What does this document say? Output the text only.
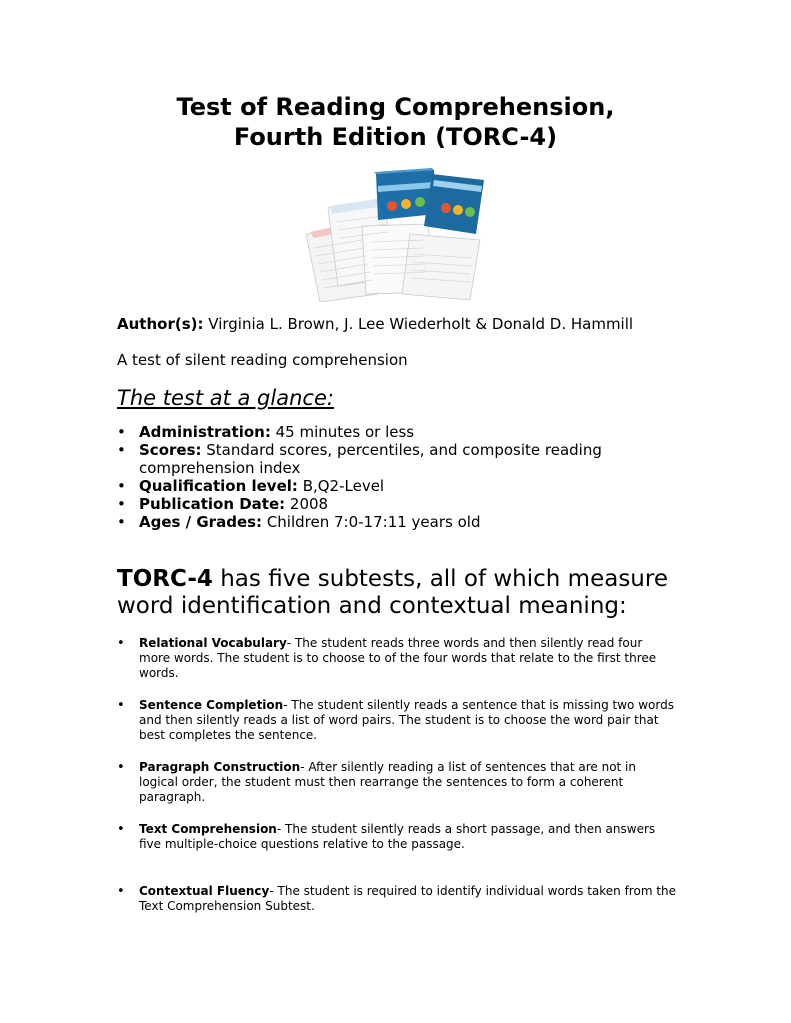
Test of Reading Comprehension,
Fourth Edition (TORC-4)
Author(s): Virginia L. Brown, J. Lee Wiederholt & Donald D. Hammill
A test of silent reading comprehension
The test at a glance:
• Administration: 45 minutes or less
• Scores: Standard scores, percentiles, and composite reading comprehension index
• Qualification level: B,Q2-Level
• Publication Date: 2008
• Ages / Grades: Children 7:0-17:11 years old
TORC-4 has five subtests, all of which measure word identification and contextual meaning:
• Relational Vocabulary- The student reads three words and then silently read four more words. The student is to choose to of the four words that relate to the first three words.
• Sentence Completion- The student silently reads a sentence that is missing two words and then silently reads a list of word pairs. The student is to choose the word pair that best completes the sentence.
• Paragraph Construction- After silently reading a list of sentences that are not in logical order, the student must then rearrange the sentences to form a coherent paragraph.
• Text Comprehension- The student silently reads a short passage, and then answers five multiple-choice questions relative to the passage.
• Contextual Fluency- The student is required to identify individual words taken from the Text Comprehension Subtest.
